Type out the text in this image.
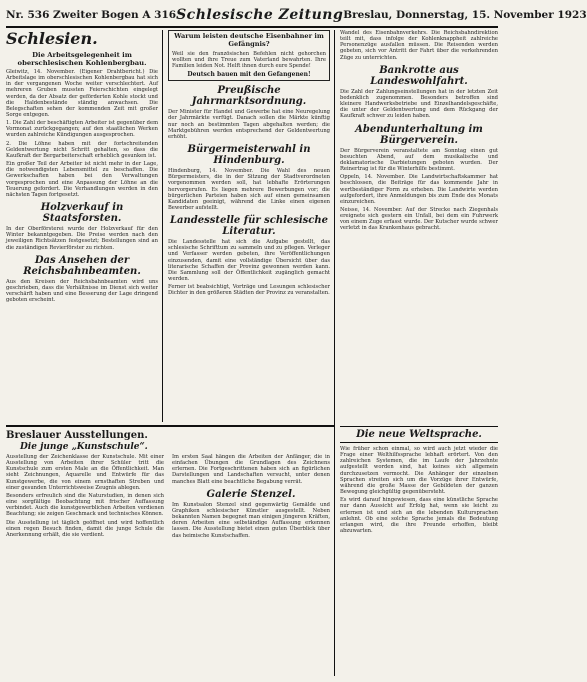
Nr. 536 Zweiter Bogen A 316 Schlesische Zeitung Breslau, Donnerstag, 15. November 1923
Schlesien.
Die Arbeitsgelegenheit im oberschlesischen Kohlenbergbau.

Gleiwitz, 14. November. (Eigener Drahtbericht.) Die Arbeitslage im oberschlesischen Kohlenbergbau hat sich in der vergangenen Woche weiter verschlechtert. Auf mehreren Gruben mussten Feierschichten eingelegt werden, da der Absatz der geförderten Kohle stockt und die Haldenbestände ständig anwachsen. Die Belegschaften sehen der kommenden Zeit mit großer Sorge entgegen.

1. Die Zahl der beschäftigten Arbeiter ist gegenüber dem Vormonat zurückgegangen; auf den staatlichen Werken wurden zahlreiche Kündigungen ausgesprochen.

2. Die Löhne haben mit der fortschreitenden Geldentwertung nicht Schritt gehalten, so dass die Kaufkraft der Bergarbeiterschaft erheblich gesunken ist.

Ein großer Teil der Arbeiter ist nicht mehr in der Lage, die notwendigsten Lebensmittel zu beschaffen. Die Gewerkschaften haben bei den Verwaltungen vorgesprochen und eine Anpassung der Löhne an die Teuerung gefordert. Die Verhandlungen werden in den nächsten Tagen fortgesetzt.

Holzverkauf in Staatsforsten.

In der Oberförsterei wurde der Holzverkauf für den Winter bekanntgegeben. Die Preise werden nach den jeweiligen Richtsätzen festgesetzt; Bestellungen sind an die zuständigen Revierförster zu richten.

Das Ansehen der Reichsbahnbeamten.

Aus den Kreisen der Reichsbahnbeamten wird uns geschrieben, dass die Verhältnisse im Dienst sich weiter verschärft haben und eine Besserung der Lage dringend geboten erscheint.

Warum leisten deutsche Eisenbahner im Gefängnis?

Weil sie den französischen Befehlen nicht gehorchen wollten und ihre Treue zum Vaterland bewahrten. Ihre Familien leiden Not. Helft ihnen durch eure Spende!

Deutsch bauen mit den Gefangenen!
Preußische Jahrmarktsordnung.

Der Minister für Handel und Gewerbe hat eine Neuregelung der Jahrmärkte verfügt. Danach sollen die Märkte künftig nur noch an bestimmten Tagen abgehalten werden; die Marktgebühren werden entsprechend der Geldentwertung erhöht.

Bürgermeisterwahl in Hindenburg.

Hindenburg, 14. November. Die Wahl des neuen Bürgermeisters, die in der Sitzung der Stadtverordneten vorgenommen werden soll, hat lebhafte Erörterungen hervorgerufen. Es liegen mehrere Bewerbungen vor; die bürgerlichen Parteien haben sich auf einen gemeinsamen Kandidaten geeinigt, während die Linke einen eigenen Bewerber aufstellt.

Landesstelle für schlesische Literatur.

Die Landesstelle hat sich die Aufgabe gestellt, das schlesische Schrifttum zu sammeln und zu pflegen. Verleger und Verfasser werden gebeten, ihre Veröffentlichungen einzusenden, damit eine vollständige Übersicht über das literarische Schaffen der Provinz gewonnen werden kann. Die Sammlung soll der Öffentlichkeit zugänglich gemacht werden.

Ferner ist beabsichtigt, Vorträge und Lesungen schlesischer Dichter in den größeren Städten der Provinz zu veranstalten.

Wandel des Eisenbahnverkehrs. Die Reichsbahndirektion teilt mit, dass infolge der Kohlenknappheit zahlreiche Personenzüge ausfallen müssen. Die Reisenden werden gebeten, sich vor Antritt der Fahrt über die verkehrenden Züge zu unterrichten.

Bankrotte aus Landeswohlfahrt.

Die Zahl der Zahlungseinstellungen hat in der letzten Zeit bedenklich zugenommen. Besonders betroffen sind kleinere Handwerksbetriebe und Einzelhandelsgeschäfte, die unter der Geldentwertung und dem Rückgang der Kaufkraft schwer zu leiden haben.

Abendunterhaltung im Bürgerverein.

Der Bürgerverein veranstaltete am Sonntag einen gut besuchten Abend, auf dem musikalische und deklamatorische Darbietungen geboten wurden. Der Reinertrag ist für die Winterhilfe bestimmt.

Oppeln, 14. November. Die Landwirtschaftskammer hat beschlossen, die Beiträge für das kommende Jahr in wertbeständiger Form zu erheben. Die Landwirte werden aufgefordert, ihre Anmeldungen bis zum Ende des Monats einzureichen.

Neisse, 14. November. Auf der Strecke nach Ziegenhals ereignete sich gestern ein Unfall, bei dem ein Fuhrwerk von einem Zuge erfasst wurde. Der Kutscher wurde schwer verletzt in das Krankenhaus gebracht.

Die neue Weltsprache.

Wie früher schon einmal, so wird auch jetzt wieder die Frage einer Welthilfssprache lebhaft erörtert. Von den zahlreichen Systemen, die im Laufe der Jahrzehnte aufgestellt worden sind, hat keines sich allgemein durchzusetzen vermocht. Die Anhänger der einzelnen Sprachen streiten sich um die Vorzüge ihrer Entwürfe, während die große Masse der Gebildeten der ganzen Bewegung gleichgültig gegenübersteht.

Es wird darauf hingewiesen, dass eine künstliche Sprache nur dann Aussicht auf Erfolg hat, wenn sie leicht zu erlernen ist und sich an die lebenden Kultursprachen anlehnt. Ob eine solche Sprache jemals die Bedeutung erlangen wird, die ihre Freunde erhoffen, bleibt abzuwarten.

Breslauer Ausstellungen.
Die junge „Kunstschule“.

Ausstellung der Zeichenklasse der Kunstschule. Mit einer Ausstellung von Arbeiten ihrer Schüler tritt die Kunstschule zum ersten Male an die Öffentlichkeit. Man sieht Zeichnungen, Aquarelle und Entwürfe für das Kunstgewerbe, die von einem ernsthaften Streben und einer gesunden Unterrichtsweise Zeugnis ablegen.

Besonders erfreulich sind die Naturstudien, in denen sich eine sorgfältige Beobachtung mit frischer Auffassung verbindet. Auch die kunstgewerblichen Arbeiten verdienen Beachtung; sie zeigen Geschmack und technisches Können.

Die Ausstellung ist täglich geöffnet und wird hoffentlich einen regen Besuch finden, damit die junge Schule die Anerkennung erhält, die sie verdient.

Im ersten Saal hängen die Arbeiten der Anfänger, die in einfachen Übungen die Grundlagen des Zeichnens erlernen. Die Fortgeschrittenen haben sich an figürlichen Darstellungen und Landschaften versucht, unter denen manches Blatt eine beachtliche Begabung verrät.

Galerie Stenzel.

Im Kunstsalon Stenzel sind gegenwärtig Gemälde und Graphiken schlesischer Künstler ausgestellt. Neben bekannten Namen begegnet man einigen jüngeren Kräften, deren Arbeiten eine selbständige Auffassung erkennen lassen. Die Ausstellung bietet einen guten Überblick über das heimische Kunstschaffen.
